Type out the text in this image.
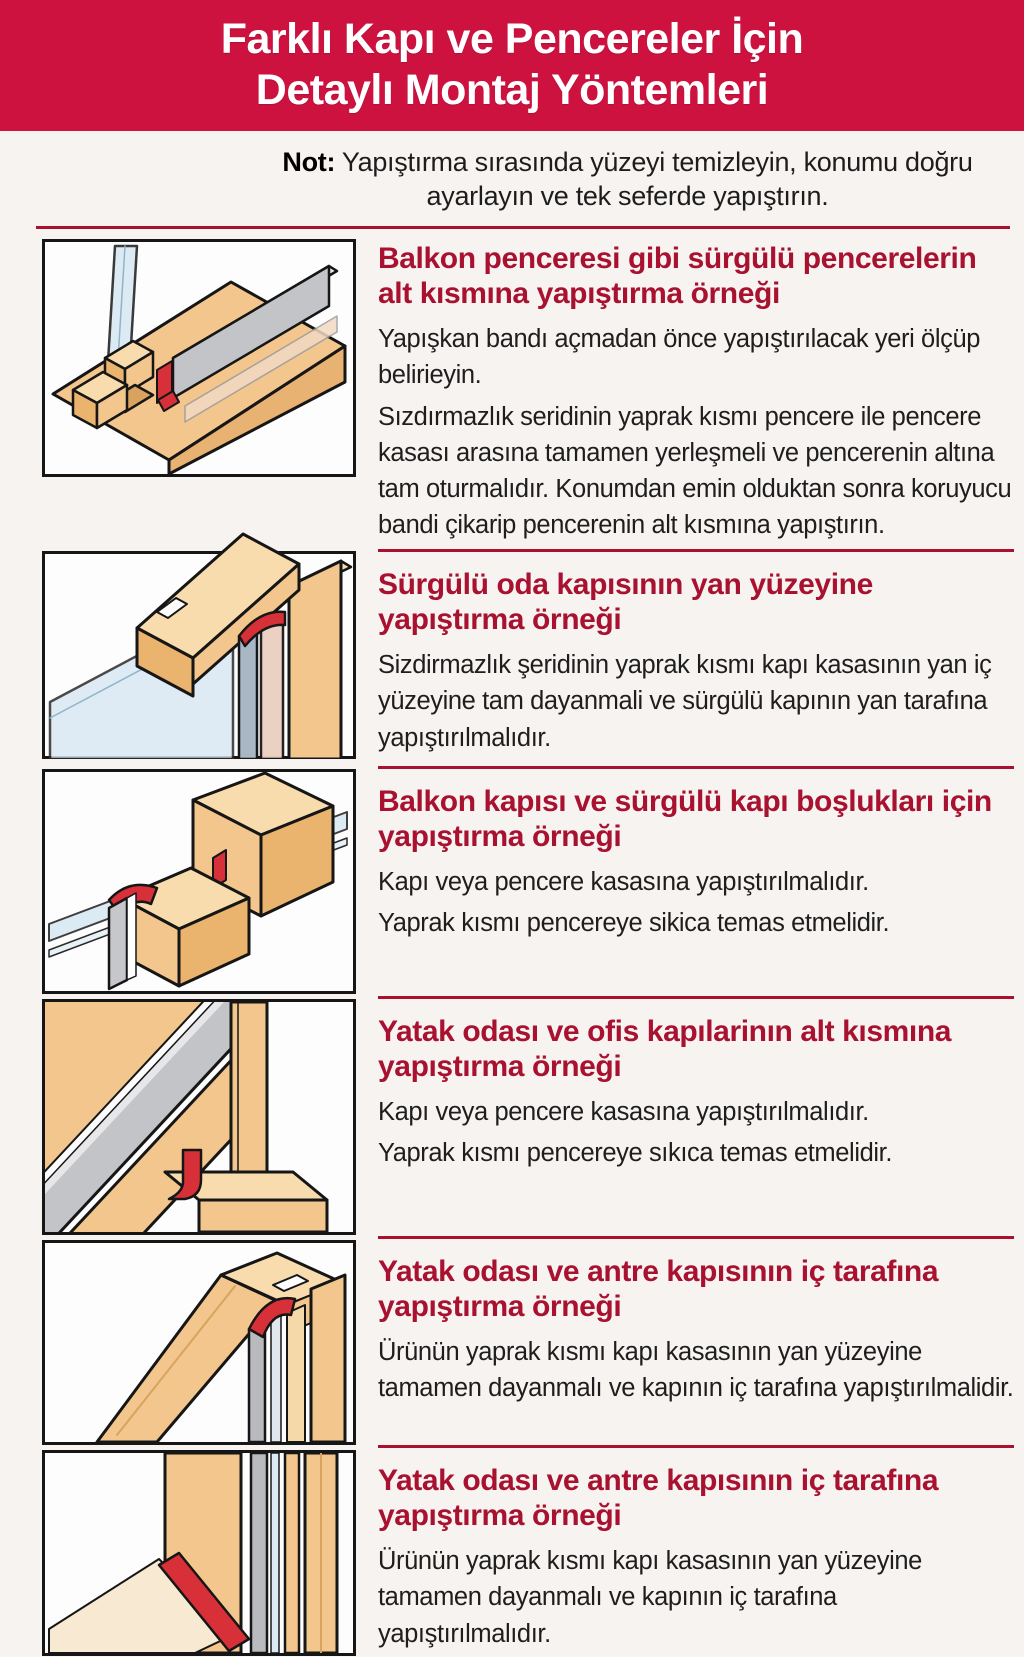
Farklı Kapı ve Pencereler İçin
Detaylı Montaj Yöntemleri
Not: Yapıştırma sırasında yüzeyi temizleyin, konumu doğru ayarlayın ve tek seferde yapıştırın.
Balkon penceresi gibi sürgülü pencerelerin alt kısmına yapıştırma örneği

Yapışkan bandı açmadan önce yapıştırılacak yeri ölçüp belirieyin.

Sızdırmazlık seridinin yaprak kısmı pencere ile pencere kasası arasına tamamen yerleşmeli ve pencerenin altına tam oturmalıdır. Konumdan emin olduktan sonra koruyucu bandi çikarip pencerenin alt kısmına yapıştırın.

Sürgülü oda kapısının yan yüzeyine yapıştırma örneği

Sizdirmazlık şeridinin yaprak kısmı kapı kasasının yan iç yüzeyine tam dayanmali ve sürgülü kapının yan tarafına yapıştırılmalıdır.

Balkon kapısı ve sürgülü kapı boşlukları için yapıştırma örneği

Kapı veya pencere kasasına yapıştırılmalıdır.

Yaprak kısmı pencereye sikica temas etmelidir.

Yatak odası ve ofis kapılarinın alt kısmına yapıştırma örneği

Kapı veya pencere kasasına yapıştırılmalıdır.

Yaprak kısmı pencereye sıkıca temas etmelidir.

Yatak odası ve antre kapısının iç tarafına yapıştırma örneği

Ürünün yaprak kısmı kapı kasasının yan yüzeyine tamamen dayanmalı ve kapının iç tarafına yapıştırılmalidir.

Yatak odası ve antre kapısının iç tarafına yapıştırma örneği

Ürünün yaprak kısmı kapı kasasının yan yüzeyine tamamen dayanmalı ve kapının iç tarafına yapıştırılmalıdır.
